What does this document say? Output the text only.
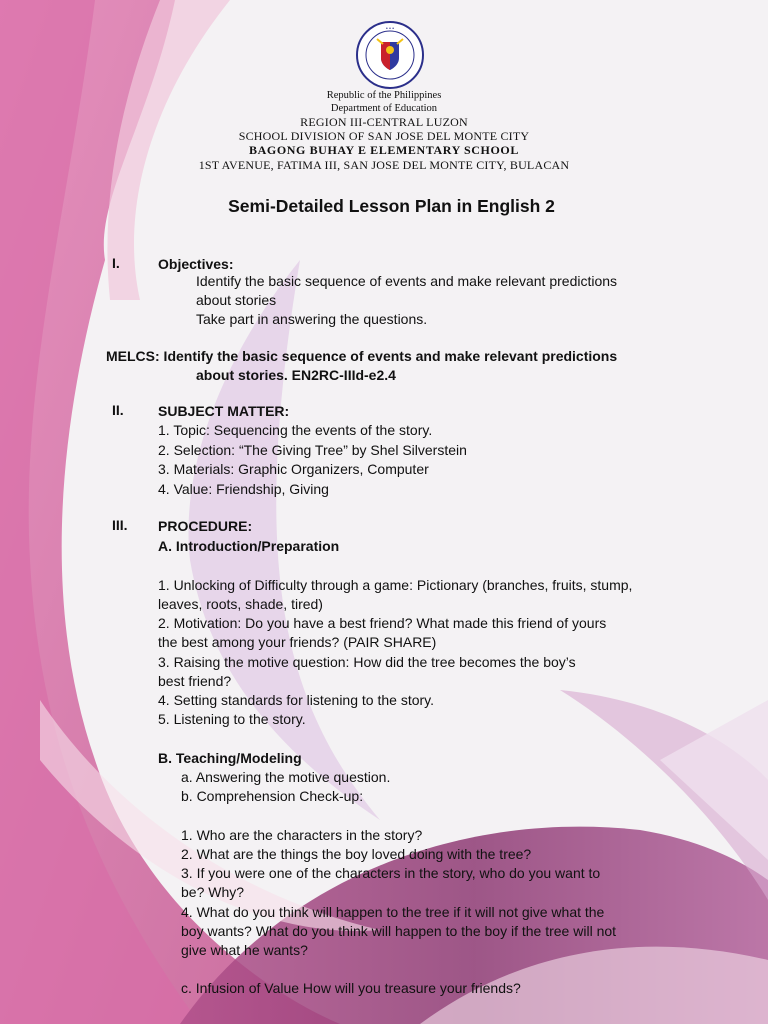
• • •
Republic of the Philippines
Department of Education
REGION III-CENTRAL LUZON
SCHOOL DIVISION OF SAN JOSE DEL MONTE CITY
BAGONG BUHAY E ELEMENTARY SCHOOL
1ST AVENUE, FATIMA III, SAN JOSE DEL MONTE CITY, BULACAN
Semi-Detailed Lesson Plan in English 2
I.	Objectives:
Identify the basic sequence of events and make relevant predictions
about stories
Take part in answering the questions.
MELCS: Identify the basic sequence of events and make relevant predictions
about stories. EN2RC-IIId-e2.4
II. SUBJECT MATTER:
1. Topic: Sequencing the events of the story.
2. Selection: “The Giving Tree” by Shel Silverstein
3. Materials: Graphic Organizers, Computer
4. Value: Friendship, Giving
III. PROCEDURE:
A. Introduction/Preparation
1. Unlocking of Difficulty through a game: Pictionary (branches, fruits, stump,
leaves, roots, shade, tired)
2. Motivation: Do you have a best friend? What made this friend of yours
the best among your friends? (PAIR SHARE)
3. Raising the motive question: How did the tree becomes the boy’s
best friend?
4. Setting standards for listening to the story.
5. Listening to the story.
B. Teaching/Modeling
a. Answering the motive question.
b. Comprehension Check-up:
1. Who are the characters in the story?
2. What are the things the boy loved doing with the tree?
3. If you were one of the characters in the story, who do you want to
be? Why?
4. What do you think will happen to the tree if it will not give what the
boy wants? What do you think will happen to the boy if the tree will not
give what he wants?
c. Infusion of Value How will you treasure your friends?
